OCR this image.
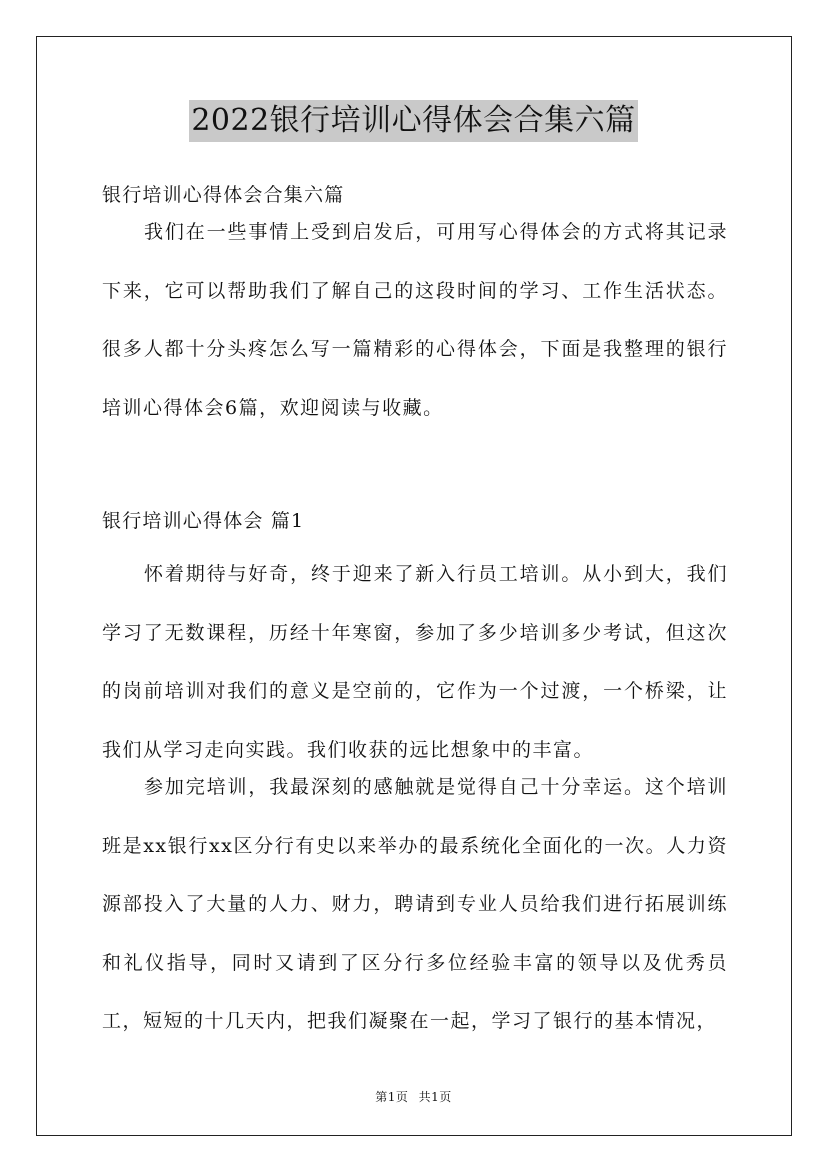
2022银行培训心得体会合集六篇
银行培训心得体会合集六篇

我们在一些事情上受到启发后，可用写心得体会的方式将其记录下来，它可以帮助我们了解自己的这段时间的学习、工作生活状态。很多人都十分头疼怎么写一篇精彩的心得体会，下面是我整理的银行培训心得体会6篇，欢迎阅读与收藏。

银行培训心得体会 篇1

怀着期待与好奇，终于迎来了新入行员工培训。从小到大，我们学习了无数课程，历经十年寒窗，参加了多少培训多少考试，但这次的岗前培训对我们的意义是空前的，它作为一个过渡，一个桥梁，让我们从学习走向实践。我们收获的远比想象中的丰富。

参加完培训，我最深刻的感触就是觉得自己十分幸运。这个培训班是xx银行xx区分行有史以来举办的最系统化全面化的一次。人力资源部投入了大量的人力、财力，聘请到专业人员给我们进行拓展训练和礼仪指导，同时又请到了区分行多位经验丰富的领导以及优秀员工，短短的十几天内，把我们凝聚在一起，学习了银行的基本情况，

第1页 共1页
